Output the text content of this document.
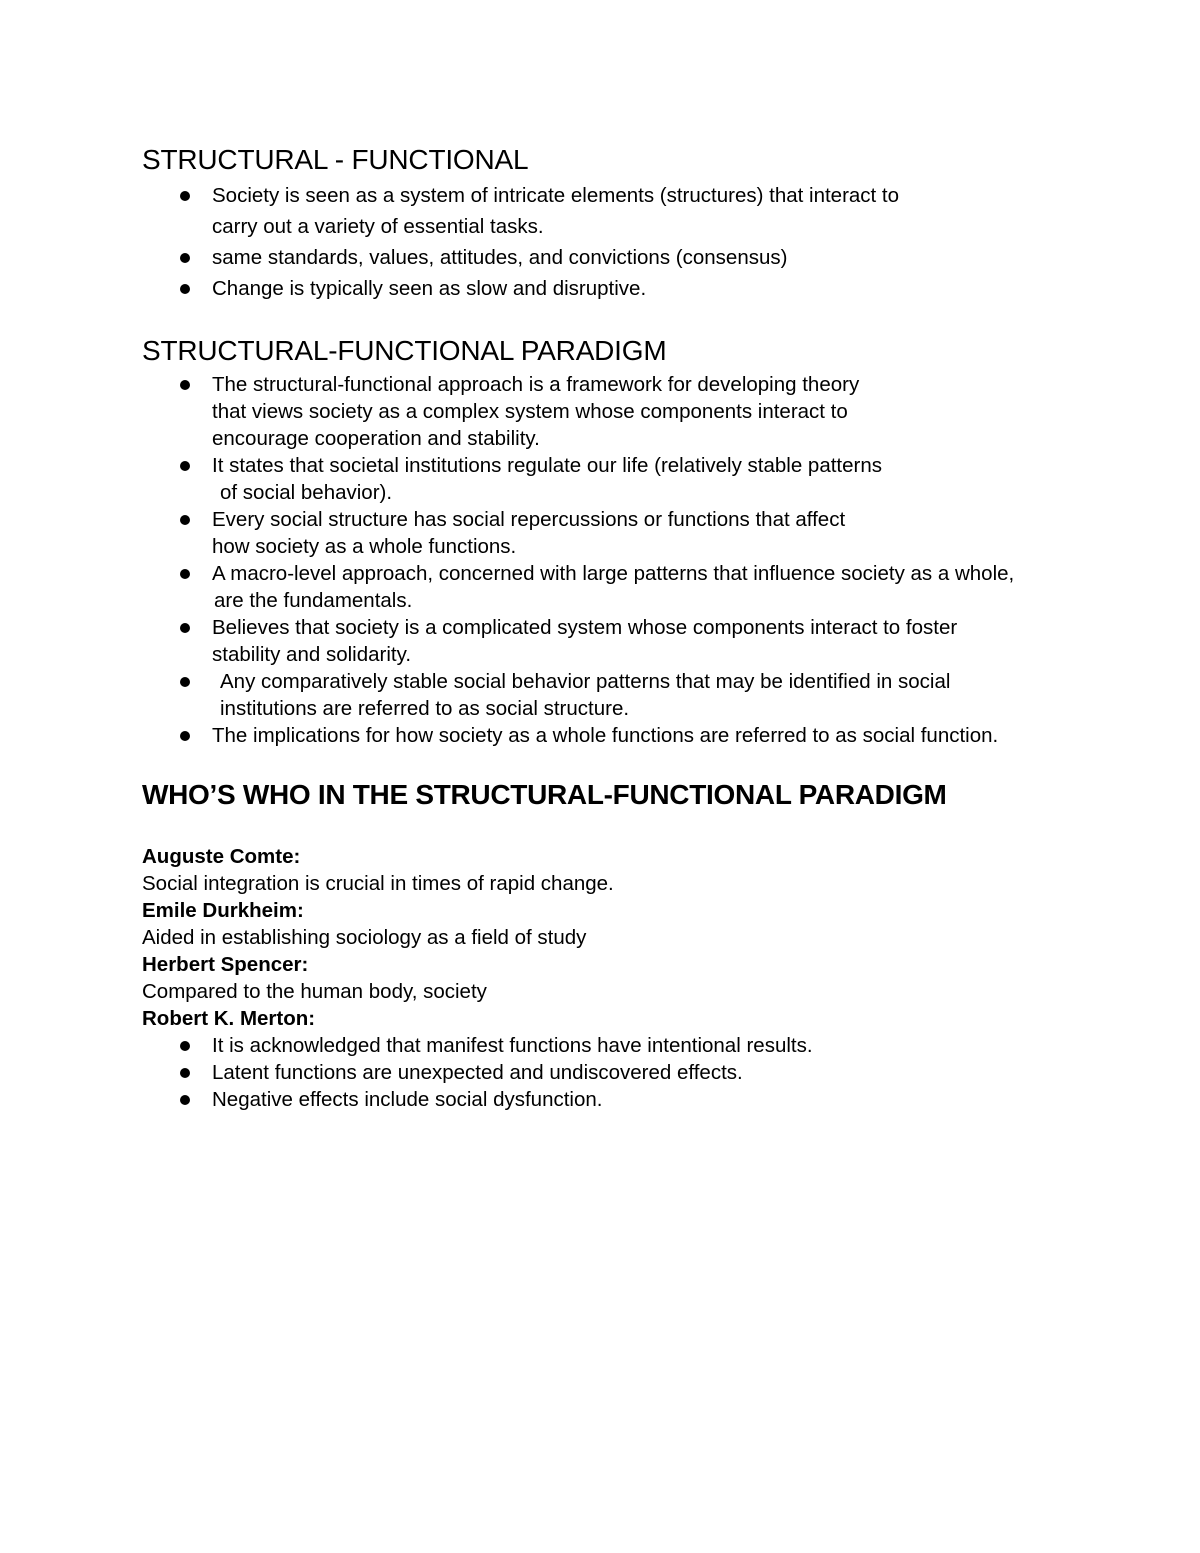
STRUCTURAL - FUNCTIONAL
Society is seen as a system of intricate elements (structures) that interact to
carry out a variety of essential tasks.
same standards, values, attitudes, and convictions (consensus)
Change is typically seen as slow and disruptive.
STRUCTURAL-FUNCTIONAL PARADIGM
The structural-functional approach is a framework for developing theory
that views society as a complex system whose components interact to
encourage cooperation and stability.
It states that societal institutions regulate our life (relatively stable patterns
of social behavior).
Every social structure has social repercussions or functions that affect
how society as a whole functions.
A macro-level approach, concerned with large patterns that influence society as a whole,
are the fundamentals.
Believes that society is a complicated system whose components interact to foster
stability and solidarity.
Any comparatively stable social behavior patterns that may be identified in social
institutions are referred to as social structure.
The implications for how society as a whole functions are referred to as social function.
WHO’S WHO IN THE STRUCTURAL-FUNCTIONAL PARADIGM

Auguste Comte:

Social integration is crucial in times of rapid change.

Emile Durkheim:

Aided in establishing sociology as a field of study

Herbert Spencer:

Compared to the human body, society

Robert K. Merton:

It is acknowledged that manifest functions have intentional results.
Latent functions are unexpected and undiscovered effects.
Negative effects include social dysfunction.
